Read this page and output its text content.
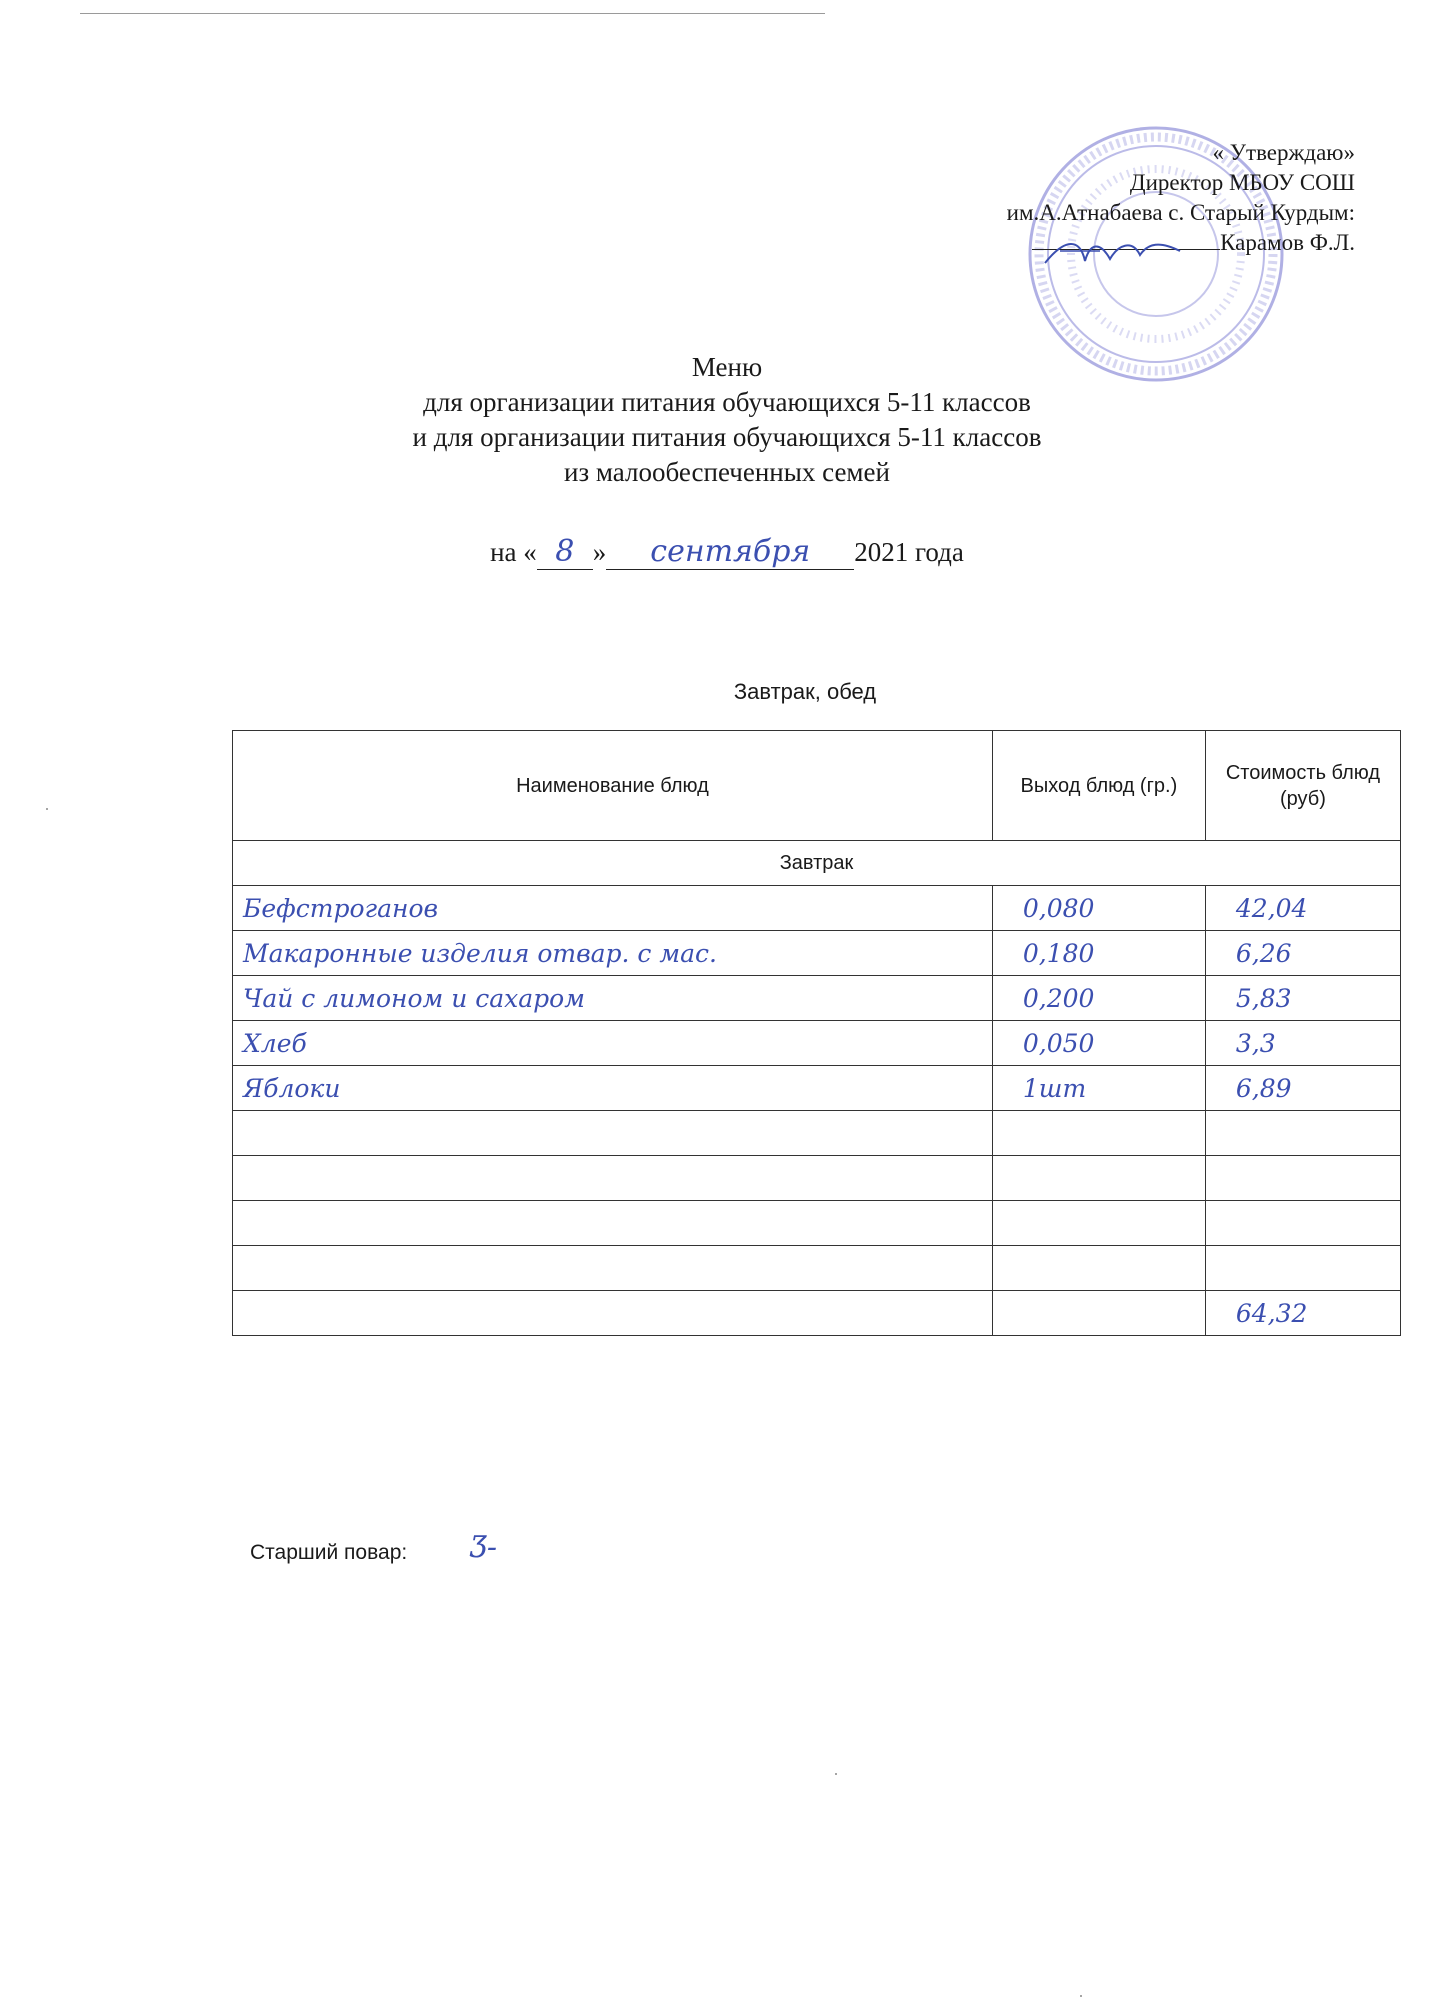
« Утверждаю»
Директор МБОУ СОШ
им.А.Атнабаева с. Старый Курдым:
Карамов Ф.Л.
Меню
для организации питания обучающихся 5-11 классов
и для организации питания обучающихся 5-11 классов
из малообеспеченных семей
на « 8 »	сентября	2021 года
Завтрак, обед
Наименование блюд	Выход блюд (гр.)	Стоимость блюд (руб)
Завтрак		
Бефстроганов	0,080	42,04
Макаронные изделия отвар. с мас.	0,180	6,26
Чай с лимоном и сахаром	0,200	5,83
Хлеб	0,050	3,3
Яблоки	1шт	6,89

		64,32
Старший повар: Ӡ-
